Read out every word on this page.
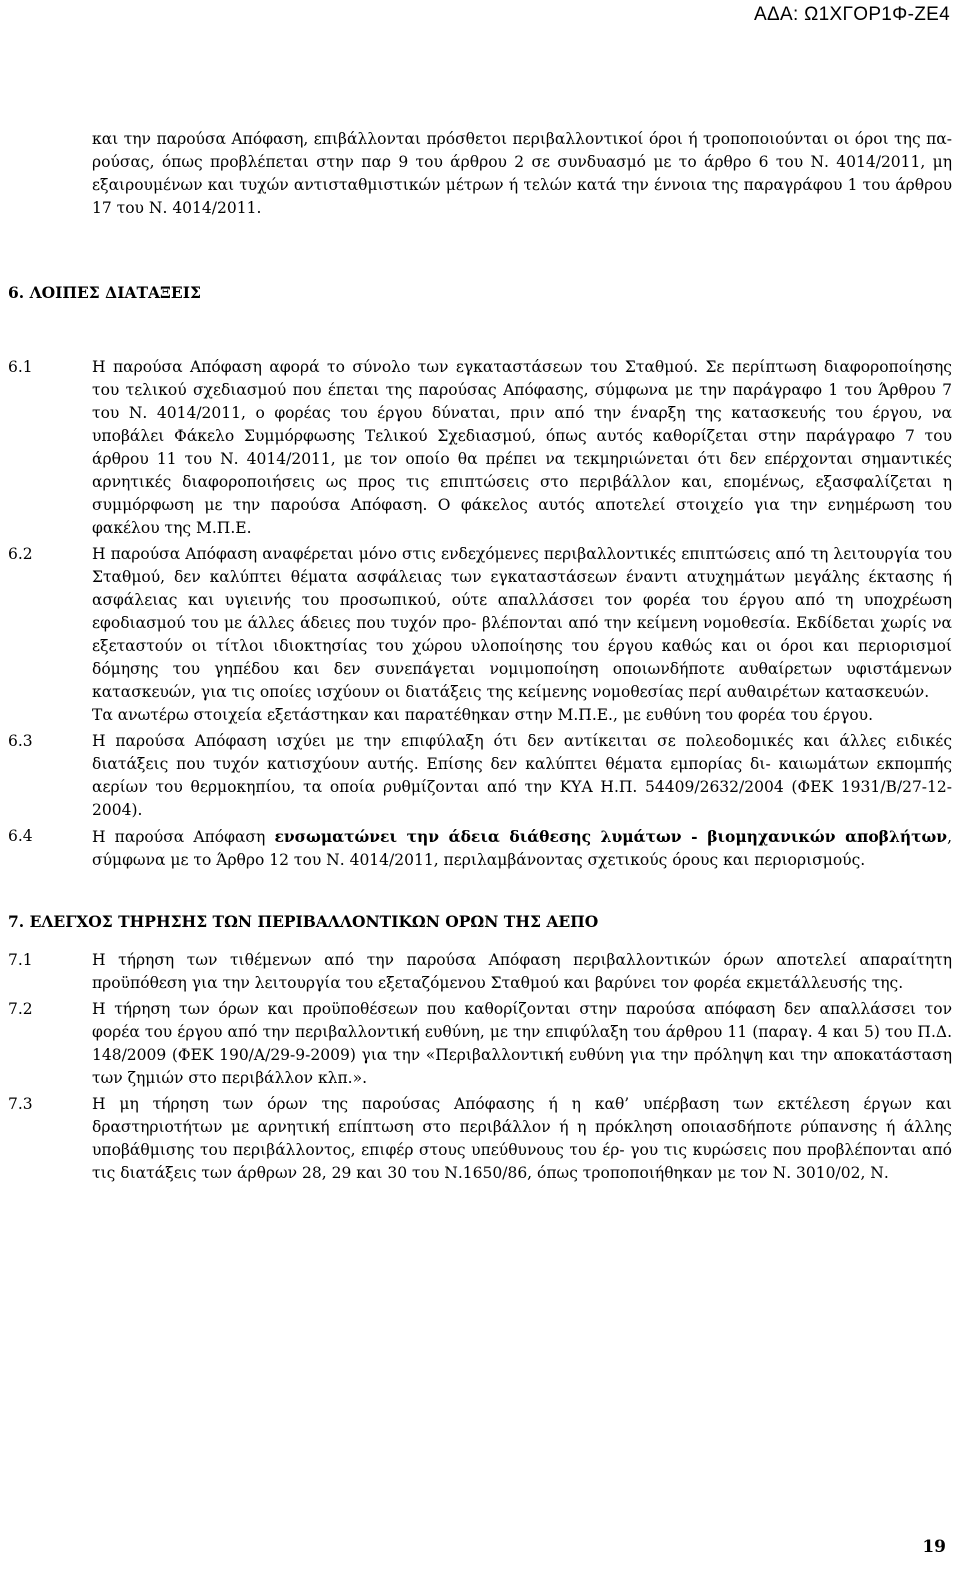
ΑΔΑ: Ω1ΧΓΟΡ1Φ-ΖΕ4

και την παρούσα Απόφαση, επιβάλλονται πρόσθετοι περιβαλλοντικοί όροι ή τροποποιούνται οι όροι της πα- ρούσας, όπως προβλέπεται στην παρ 9 του άρθρου 2 σε συνδυασμό με το άρθρο 6 του Ν. 4014/2011, μη εξαιρουμένων και τυχών αντισταθμιστικών μέτρων ή τελών κατά την έννοια της παραγράφου 1 του άρθρου 17 του Ν. 4014/2011.

6. ΛΟΙΠΕΣ ΔΙΑΤΑΞΕΙΣ

6.1	Η παρούσα Απόφαση αφορά το σύνολο των εγκαταστάσεων του Σταθμού. Σε περίπτωση διαφοροποίησης του τελικού σχεδιασμού που έπεται της παρούσας Απόφασης, σύμφωνα με την παράγραφο 1 του Άρθρου 7 του Ν. 4014/2011, ο φορέας του έργου δύναται, πριν από την έναρξη της κατασκευής του έργου, να υποβάλει Φάκελο Συμμόρφωσης Τελικού Σχεδιασμού, όπως αυτός καθορίζεται στην παράγραφο 7 του άρθρου 11 του Ν. 4014/2011, με τον οποίο θα πρέπει να τεκμηριώνεται ότι δεν επέρχονται σημαντικές αρνητικές διαφοροποιήσεις ως προς τις επιπτώσεις στο περιβάλλον και, επομένως, εξασφαλίζεται η συμμόρφωση με την παρούσα Απόφαση. Ο φάκελος αυτός αποτελεί στοιχείο για την ενημέρωση του φακέλου της Μ.Π.Ε.
6.2	Η παρούσα Απόφαση αναφέρεται μόνο στις ενδεχόμενες περιβαλλοντικές επιπτώσεις από τη λειτουργία του Σταθμού, δεν καλύπτει θέματα ασφάλειας των εγκαταστάσεων έναντι ατυχημάτων μεγάλης έκτασης ή ασφάλειας και υγιεινής του προσωπικού, ούτε απαλλάσσει τον φορέα του έργου από τη υποχρέωση εφοδιασμού του με άλλες άδειες που τυχόν προ- βλέπονται από την κείμενη νομοθεσία. Εκδίδεται χωρίς να εξεταστούν οι τίτλοι ιδιοκτησίας του χώρου υλοποίησης του έργου καθώς και οι όροι και περιορισμοί δόμησης του γηπέδου και δεν συνεπάγεται νομιμοποίηση οποιωνδήποτε αυθαίρετων υφιστάμενων κατασκευών, για τις οποίες ισχύουν οι διατάξεις της κείμενης νομοθεσίας περί αυθαιρέτων κατασκευών.
Τα ανωτέρω στοιχεία εξετάστηκαν και παρατέθηκαν στην Μ.Π.Ε., με ευθύνη του φορέα του έργου.
6.3	Η παρούσα Απόφαση ισχύει με την επιφύλαξη ότι δεν αντίκειται σε πολεοδομικές και άλλες ειδικές διατάξεις που τυχόν κατισχύουν αυτής. Επίσης δεν καλύπτει θέματα εμπορίας δι- καιωμάτων εκπομπής αερίων του θερμοκηπίου, τα οποία ρυθμίζονται από την ΚΥΑ Η.Π. 54409/2632/2004 (ΦΕΚ 1931/Β/27-12-2004).
6.4	Η παρούσα Απόφαση ενσωματώνει την άδεια διάθεσης λυμάτων - βιομηχανικών αποβλήτων, σύμφωνα με το Άρθρο 12 του Ν. 4014/2011, περιλαμβάνοντας σχετικούς όρους και περιορισμούς.

7. ΕΛΕΓΧΟΣ ΤΗΡΗΣΗΣ ΤΩΝ ΠΕΡΙΒΑΛΛΟΝΤΙΚΩΝ ΟΡΩΝ ΤΗΣ ΑΕΠΟ

7.1	Η τήρηση των τιθέμενων από την παρούσα Απόφαση περιβαλλοντικών όρων αποτελεί απαραίτητη προϋπόθεση για την λειτουργία του εξεταζόμενου Σταθμού και βαρύνει τον φορέα εκμετάλλευσής της.
7.2	Η τήρηση των όρων και προϋποθέσεων που καθορίζονται στην παρούσα απόφαση δεν απαλλάσσει τον φορέα του έργου από την περιβαλλοντική ευθύνη, με την επιφύλαξη του άρθρου 11 (παραγ. 4 και 5) του Π.Δ. 148/2009 (ΦΕΚ 190/Α/29-9-2009) για την «Περιβαλλοντική ευθύνη για την πρόληψη και την αποκατάσταση των ζημιών στο περιβάλλον κλπ.».
7.3	Η μη τήρηση των όρων της παρούσας Απόφασης ή η καθ’ υπέρβαση των εκτέλεση έργων και δραστηριοτήτων με αρνητική επίπτωση στο περιβάλλον ή η πρόκληση οποιασδήποτε ρύπανσης ή άλλης υποβάθμισης του περιβάλλοντος, επιφέρ στους υπεύθυνους του έρ- γου τις κυρώσεις που προβλέπονται από τις διατάξεις των άρθρων 28, 29 και 30 του Ν.1650/86, όπως τροποποιήθηκαν με τον Ν. 3010/02, Ν.
19
